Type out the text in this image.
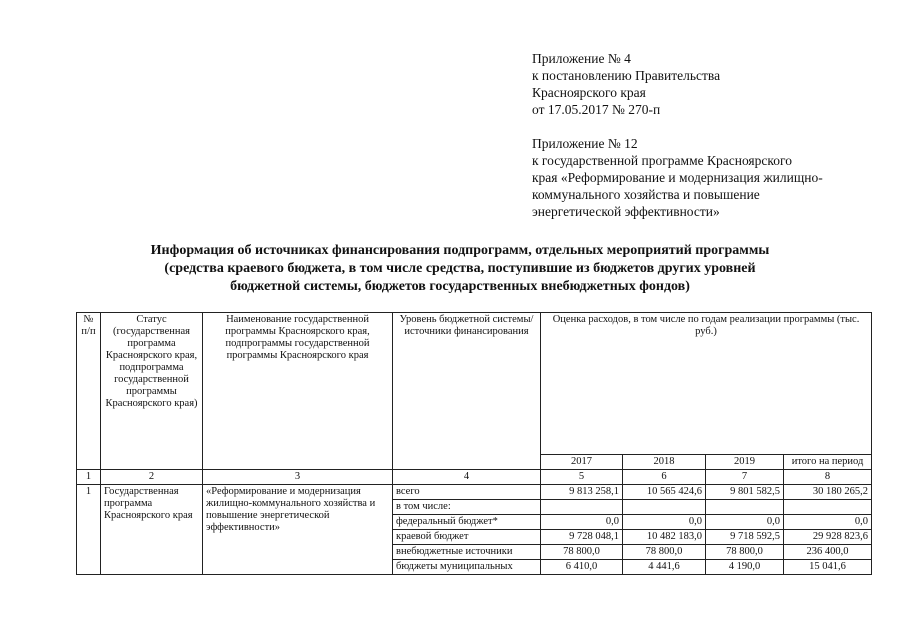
Приложение № 4
к постановлению Правительства
Красноярского края
от 17.05.2017 № 270-п
Приложение № 12
к государственной программе Красноярского
края «Реформирование и модернизация жилищно-
коммунального хозяйства и повышение
энергетической эффективности»
Информация об источниках финансирования подпрограмм, отдельных мероприятий программы
(средства краевого бюджета, в том числе средства, поступившие из бюджетов других уровней
бюджетной системы, бюджетов государственных внебюджетных фондов)
№ п/п	Статус (государственная программа Красноярского края, подпрограмма государственной программы Красноярского края)	Наименование государственной программы Красноярского края, подпрограммы государственной программы Красноярского края	Уровень бюджетной системы/источники финансирования	Оценка расходов, в том числе по годам реализации программы (тыс. руб.)			
				2017	2018	2019	итого на период
1	2	3	4	5	6	7	8
1	Государственная программа Красноярского края	«Реформирование и модернизация жилищно-коммунального хозяйства и повышение энергетической эффективности»	всего	9 813 258,1	10 565 424,6	9 801 582,5	30 180 265,2
			в том числе:				
			федеральный бюджет*	0,0	0,0	0,0	0,0
			краевой бюджет	9 728 048,1	10 482 183,0	9 718 592,5	29 928 823,6
			внебюджетные источники	78 800,0	78 800,0	78 800,0	236 400,0
			бюджеты муниципальных	6 410,0	4 441,6	4 190,0	15 041,6
